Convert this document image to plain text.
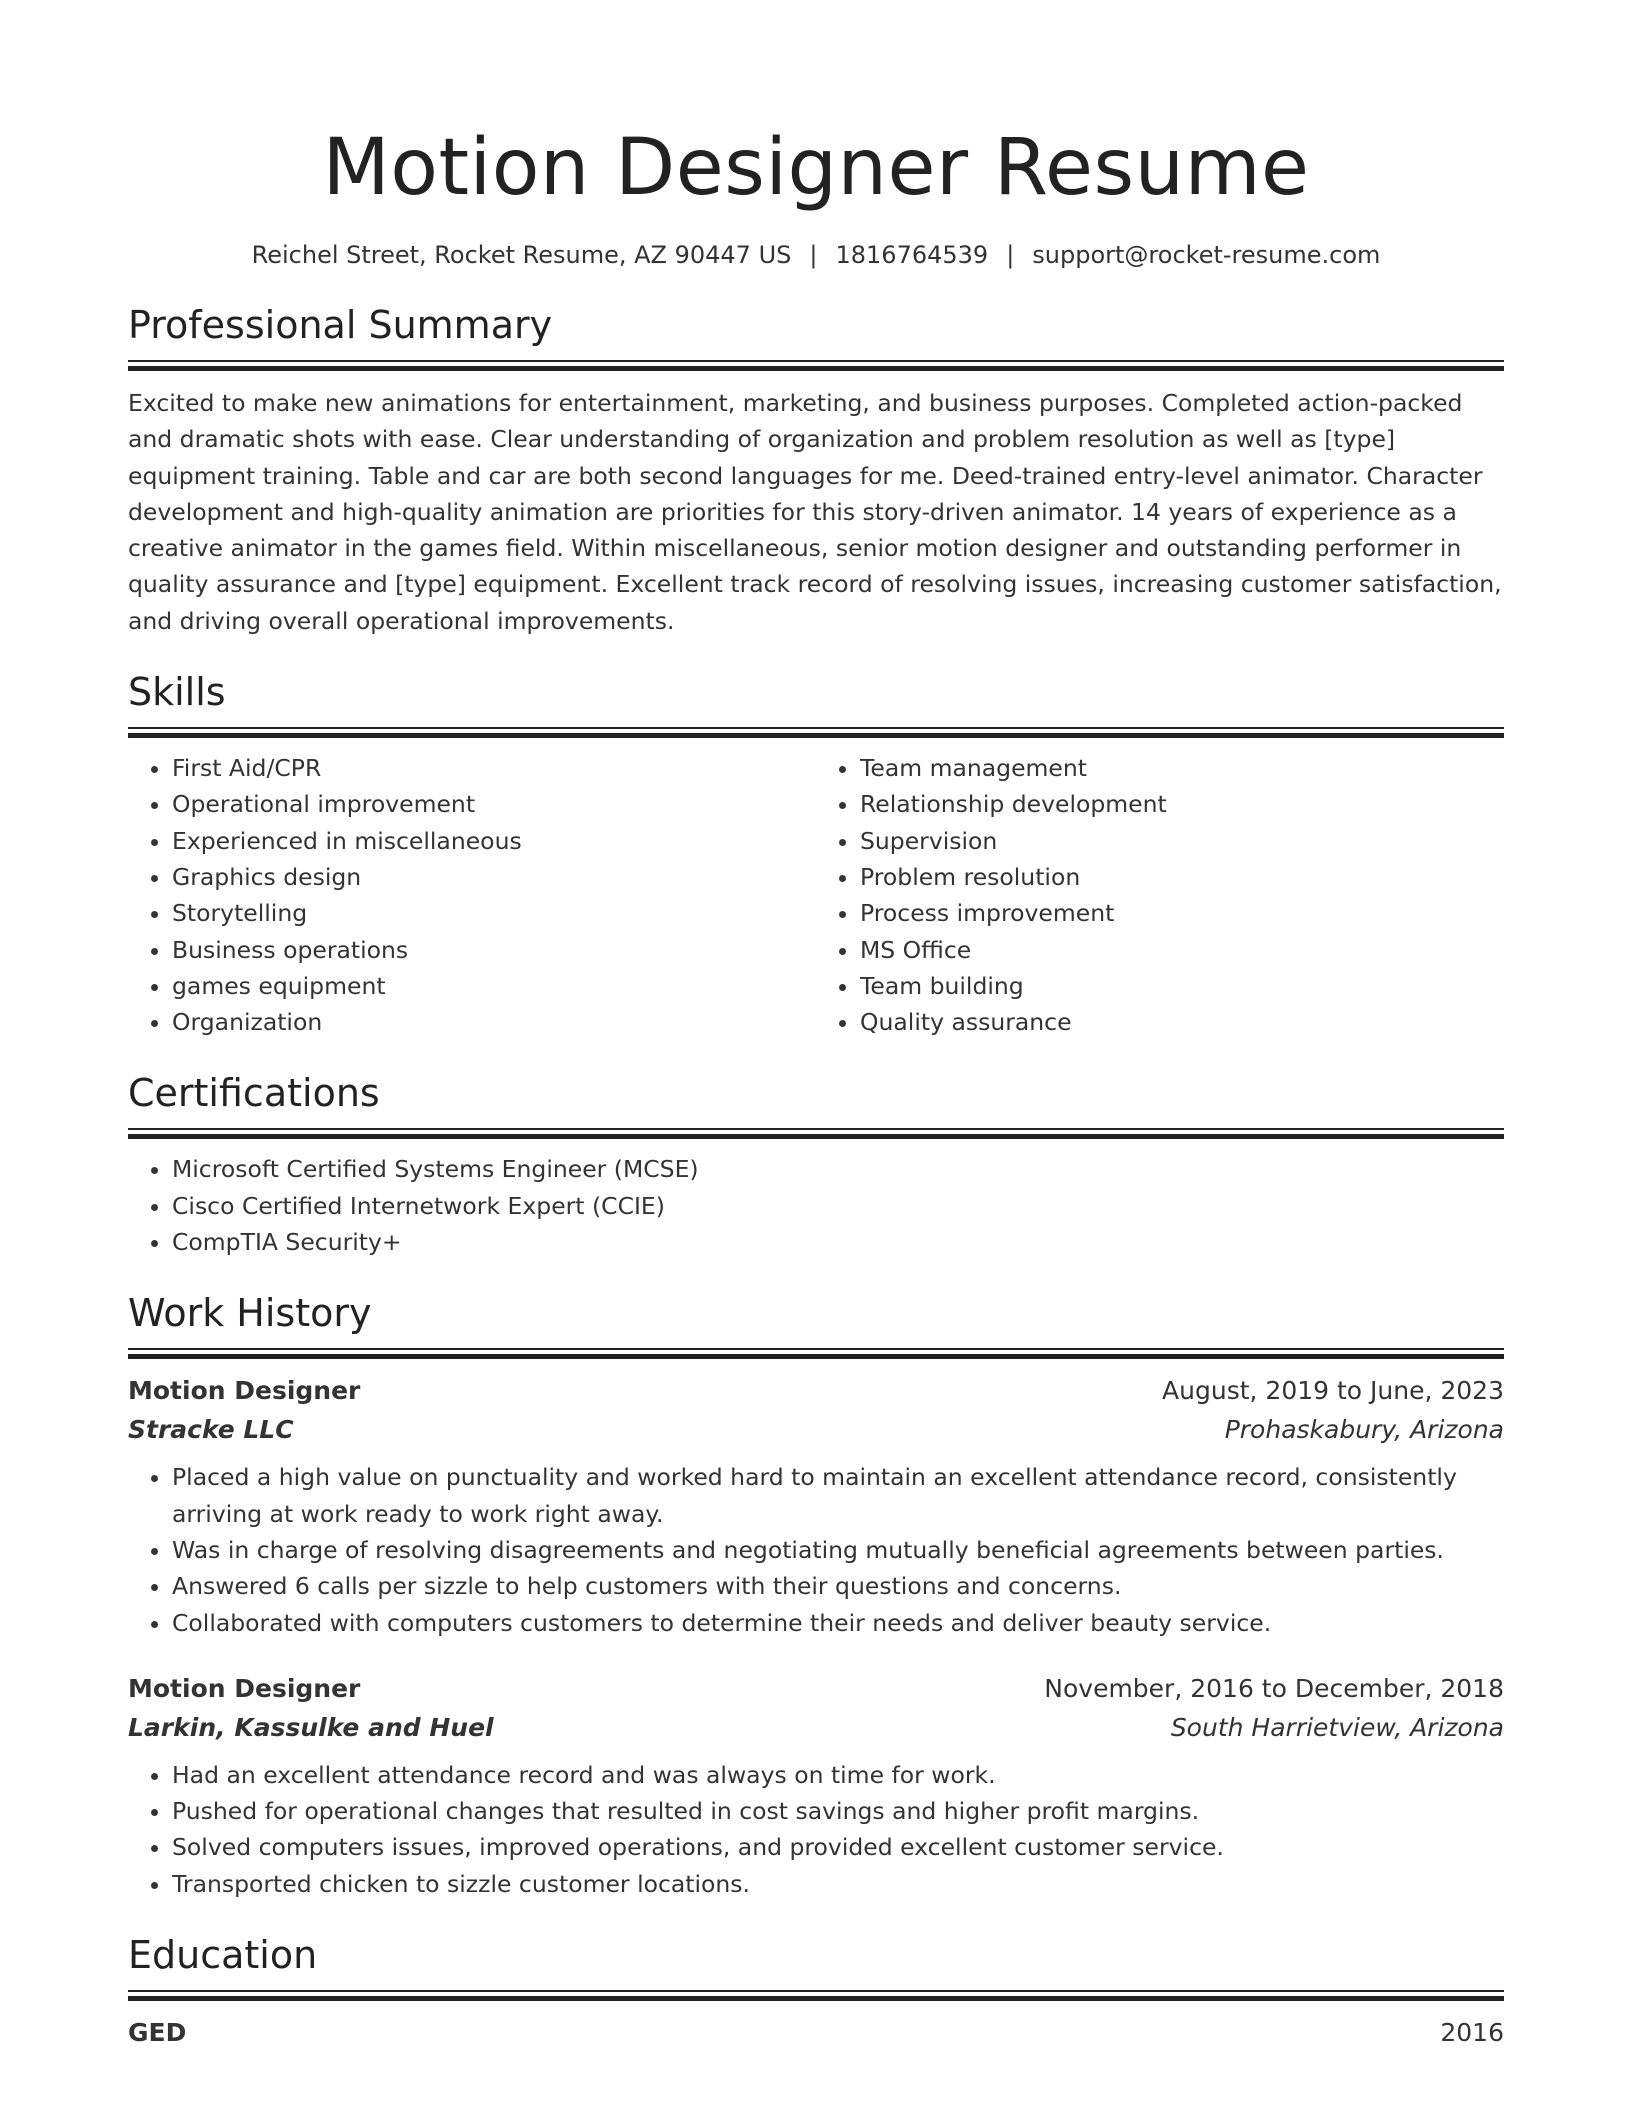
Motion Designer Resume
Reichel Street, Rocket Resume, AZ 90447 US | 1816764539 | support@rocket-resume.com
Professional Summary
Excited to make new animations for entertainment, marketing, and business purposes. Completed action-packed and dramatic shots with ease. Clear understanding of organization and problem resolution as well as [type] equipment training. Table and car are both second languages for me. Deed-trained entry-level animator. Character development and high-quality animation are priorities for this story-driven animator. 14 years of experience as a creative animator in the games field. Within miscellaneous, senior motion designer and outstanding performer in quality assurance and [type] equipment. Excellent track record of resolving issues, increasing customer satisfaction, and driving overall operational improvements.
Skills
• First Aid/CPR
• Operational improvement
• Experienced in miscellaneous
• Graphics design
• Storytelling
• Business operations
• games equipment
• Organization
• Team management
• Relationship development
• Supervision
• Problem resolution
• Process improvement
• MS Office
• Team building
• Quality assurance
Certifications
• Microsoft Certified Systems Engineer (MCSE)
• Cisco Certified Internetwork Expert (CCIE)
• CompTIA Security+
Work History
Motion Designer	August, 2019 to June, 2023
Stracke LLC	Prohaskabury, Arizona
• Placed a high value on punctuality and worked hard to maintain an excellent attendance record, consistently arriving at work ready to work right away.
• Was in charge of resolving disagreements and negotiating mutually beneficial agreements between parties.
• Answered 6 calls per sizzle to help customers with their questions and concerns.
• Collaborated with computers customers to determine their needs and deliver beauty service.
Motion Designer	November, 2016 to December, 2018
Larkin, Kassulke and Huel	South Harrietview, Arizona
• Had an excellent attendance record and was always on time for work.
• Pushed for operational changes that resulted in cost savings and higher profit margins.
• Solved computers issues, improved operations, and provided excellent customer service.
• Transported chicken to sizzle customer locations.
Education
GED	2016
